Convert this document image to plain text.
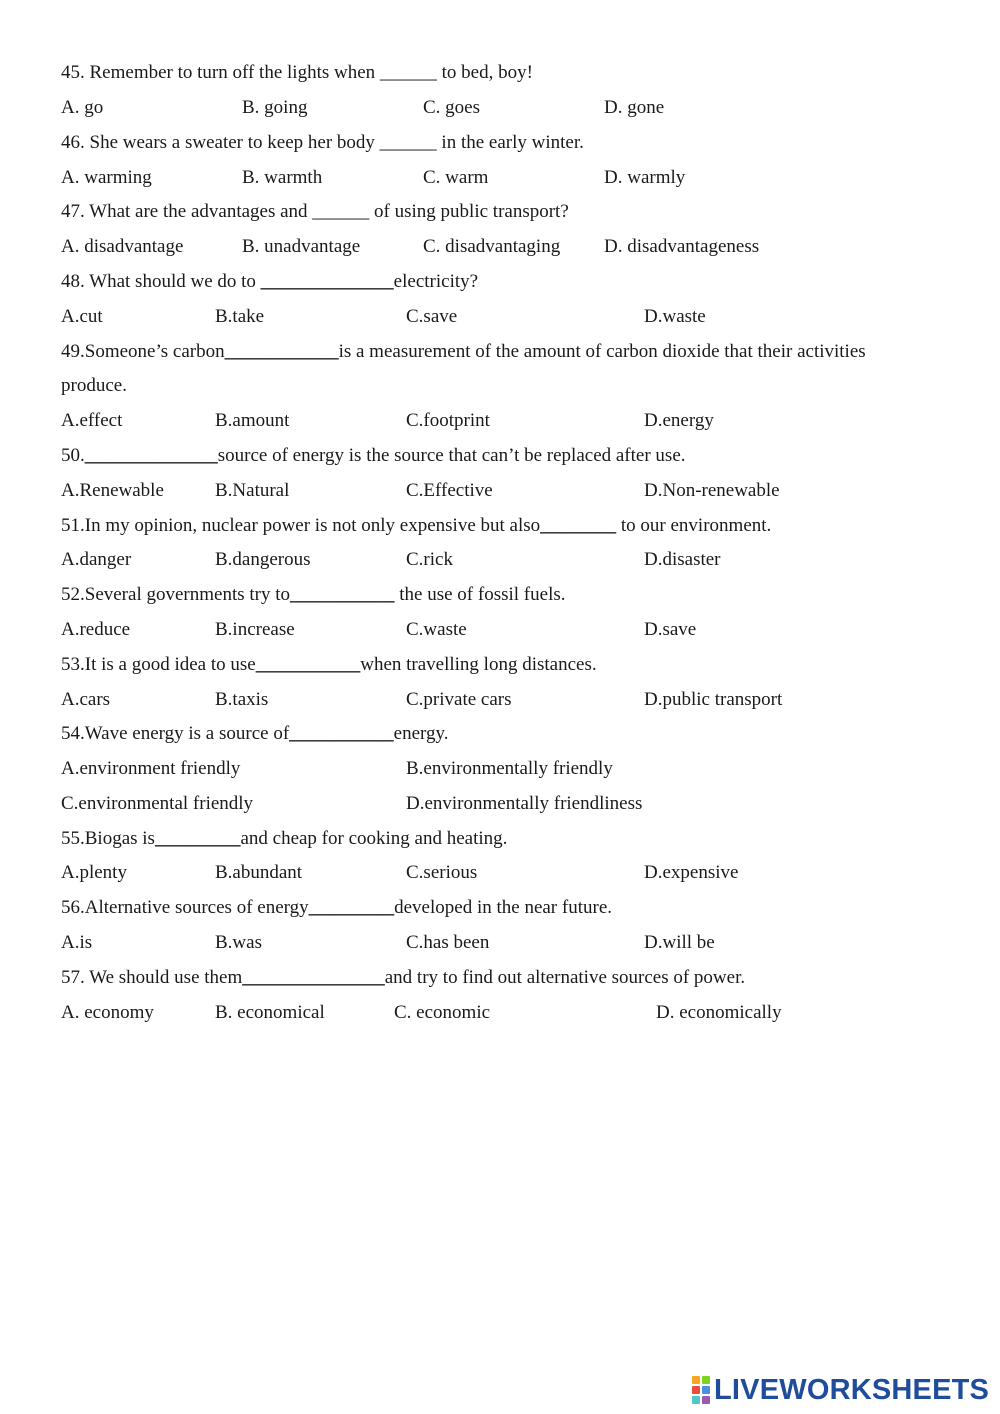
45. Remember to turn off the lights when ______ to bed, boy!
A. go	B. going	C. goes	D. gone
46. She wears a sweater to keep her body ______ in the early winter.
A. warming	B. warmth	C. warm	D. warmly
47. What are the advantages and ______ of using public transport?
A. disadvantage	B. unadvantage	C. disadvantaging D. disadvantageness
48. What should we do to ______________electricity?
A.cut	B.take	C.save	D.waste
49.Someone’s carbon____________is a measurement of the amount of carbon dioxide that their activities
produce.
A.effect	B.amount	C.footprint	D.energy
50.______________source of energy is the source that can’t be replaced after use.
A.Renewable	B.Natural	C.Effective	D.Non-renewable
51.In my opinion, nuclear power is not only expensive but also________ to our environment.
A.danger	B.dangerous	C.rick	D.disaster
52.Several governments try to___________ the use of fossil fuels.
A.reduce	B.increase	C.waste	D.save
53.It is a good idea to use___________when travelling long distances.
A.cars	B.taxis	C.private cars	D.public transport
54.Wave energy is a source of___________energy.
A.environment friendly	B.environmentally friendly
C.environmental friendly	D.environmentally friendliness
55.Biogas is_________and cheap for cooking and heating.
A.plenty	B.abundant	C.serious	D.expensive
56.Alternative sources of energy_________developed in the near future.
A.is	B.was	C.has been	D.will be
57. We should use them_______________and try to find out alternative sources of power.
A. economy	B. economical	C. economic	D. economically
LIVEWORKSHEETS
